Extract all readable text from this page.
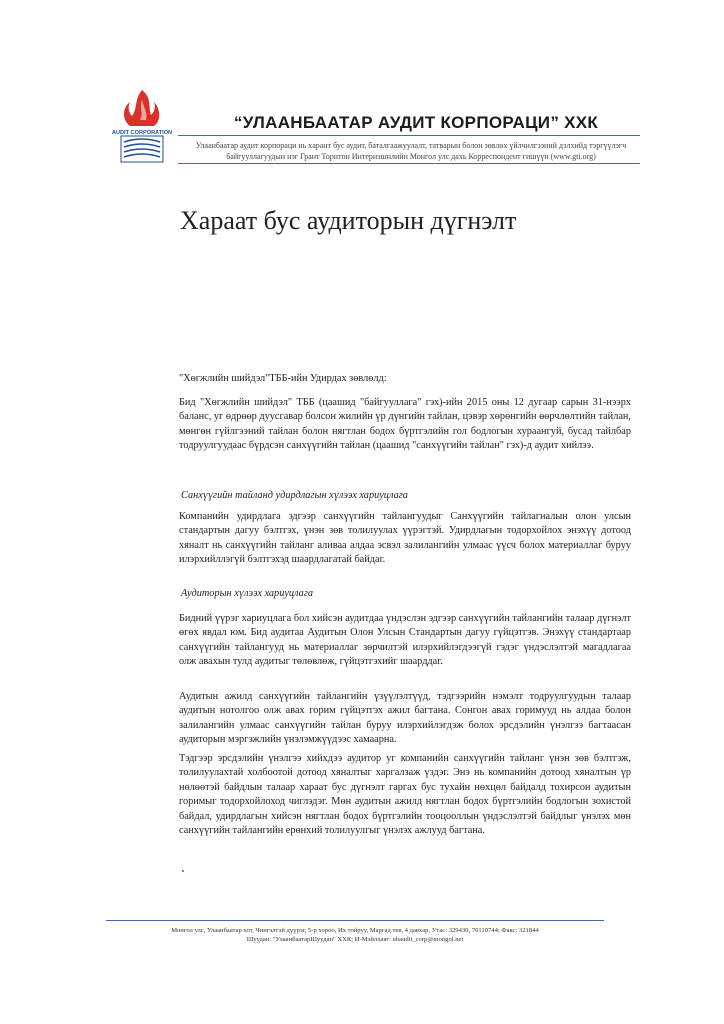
AUDIT CORPORATION
“УЛААНБААТАР АУДИТ КОРПОРАЦИ” ХХК
Улаанбаатар аудит корпораци нь харант бус аудит, баталгаажуулалт, татварын болон зөвлөх үйлчилгээний дэлхийд тэргүүлэгч
байгууллагуудын нэг Грант Торнтон Интернэшнлийн Монгол улс дахь Корреспондент гишүүн (www.gti.org)
Хараат бус аудиторын дүгнэлт
"Хөгжлийн шийдэл"ТББ-ийн Удирдах зөвлөлд:
Бид "Хөгжлийн шийдэл" ТББ (цаашид "байгууллага" гэх)-ийн 2015 оны 12 дугаар сарын 31-нээрх баланс, уг өдрөөр дуусгавар болсон жилийн үр дүнгийн тайлан, цэвэр хөрөнгийн өөрчлөлтийн тайлан, мөнгөн гүйлгээний тайлан болон нягтлан бодох бүртгэлийн гол бодлогын хураангуй, бусад тайлбар тодруулгуудаас бүрдсэн санхүүгийн тайлан (цаашид "санхүүгийн тайлан" гэх)-д аудит хийлээ.
Санхүүгийн тайланд удирдлагын хүлээх хариуцлага
Компанийн удирдлага эдгээр санхүүгийн тайлангуудыг Санхүүгийн тайлагналын олон улсын стандартын дагуу бэлтгэх, үнэн зөв толилуулах үүрэгтэй. Удирдлагын тодорхойлох энэхүү дотоод хяналт нь санхүүгийн тайланг аливаа алдаа эсвэл залилангийн улмаас үүсч болох материаллаг буруу илэрхийллэгүй бэлтгэхэд шаардлагатай байдаг.
Аудиторын хүлээх хариуцлага
Бидний үүрэг хариуцлага бол хийсэн аудитдаа үндэслэн эдгээр санхүүгийн тайлангийн талаар дүгнэлт өгөх явдал юм. Бид аудитаа Аудитын Олон Улсын Стандартын дагуу гүйцэтгэв. Энэхүү стандартаар санхүүгийн тайлангууд нь материаллаг зөрчилтэй илэрхийлэгдээгүй гэдэг үндэслэлтэй магадлагаа олж авахын тулд аудитыг төлөвлөж, гүйцэтгэхийг шаарддаг.
Аудитын ажилд санхүүгийн тайлангийн үзүүлэлтүүд, тэдгээрийн нэмэлт тодруулгуудын талаар аудитын нотолгоо олж авах горим гүйцэтгэх ажил багтана. Сонгон авах горимууд нь алдаа болон залилангийн улмаас санхүүгийн тайлан буруу илэрхийлэгдэж болох эрсдэлийн үнэлгээ багтаасан аудиторын мэргэжлийн үнэлэмжүүдээс хамаарна.
Тэдгээр эрсдэлийн үнэлгээ хийхдээ аудитор уг компанийн санхүүгийн тайланг үнэн зөв бэлтгэж, толилуулахтай холбоотой дотоод хяналтыг харгалзаж үздэг. Энэ нь компанийн дотоод хяналтын үр нөлөөтэй байдлын талаар хараат бус дүгнэлт гаргах бус тухайн нөхцөл байдалд тохирсон аудитын горимыг тодорхойлоход чиглэдэг. Мөн аудитын ажилд нягтлан бодох бүртгэлийн бодлогын зохистой байдал, удирдлагын хийсэн нягтлан бодох бүртгэлийн тооцооллын үндэслэлтэй байдлыг үнэлэх мөн санхүүгийн тайлангийн ерөнхий толилуулгыг үнэлэх ажлууд багтана.
Монгол улс, Улаанбаатар хот, Чингэлтэй дүүрэг, 5-р хороо, Их тойруу, Маргад тев, 4 давхар, Утас: 329430, 70110744; Факс: 321844
Шуудан: "УлаанбаатарШуудан" ХХК; И-Мэйлхаяг: ubaudit_corp@mongol.net
